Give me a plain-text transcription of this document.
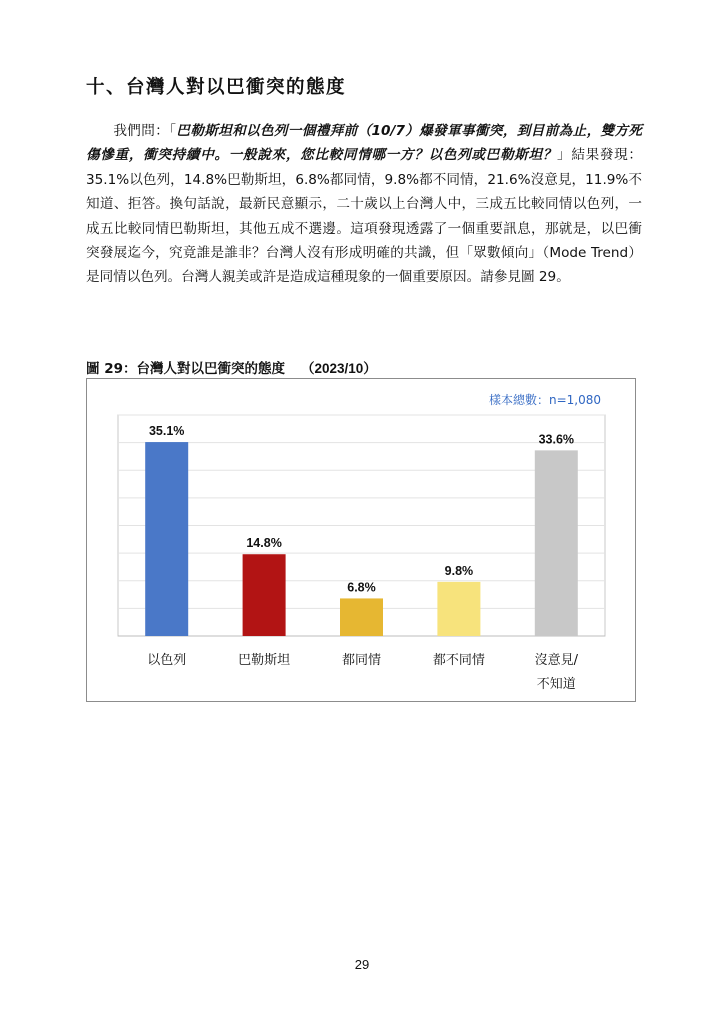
十、台灣人對以巴衝突的態度

我們問：「巴勒斯坦和以色列一個禮拜前（10/7）爆發軍事衝突，到目前為止，雙方死傷慘重，衝突持續中。一般說來，您比較同情哪一方？以色列或巴勒斯坦？」結果發現：35.1%以色列，14.8%巴勒斯坦，6.8%都同情，9.8%都不同情，21.6%沒意見，11.9%不知道、拒答。換句話說，最新民意顯示，二十歲以上台灣人中，三成五比較同情以色列，一成五比較同情巴勒斯坦，其他五成不選邊。這項發現透露了一個重要訊息，那就是，以巴衝突發展迄今，究竟誰是誰非？台灣人沒有形成明確的共識，但「眾數傾向」（Mode Trend）是同情以色列。台灣人親美或許是造成這種現象的一個重要原因。請參見圖 29。

圖 29：台灣人對以巴衝突的態度 （2023/10）
樣本總數：n=1,080
35.1%
以色列
14.8%
巴勒斯坦
6.8%
都同情
9.8%
都不同情
33.6%
沒意見/
不知道
29
